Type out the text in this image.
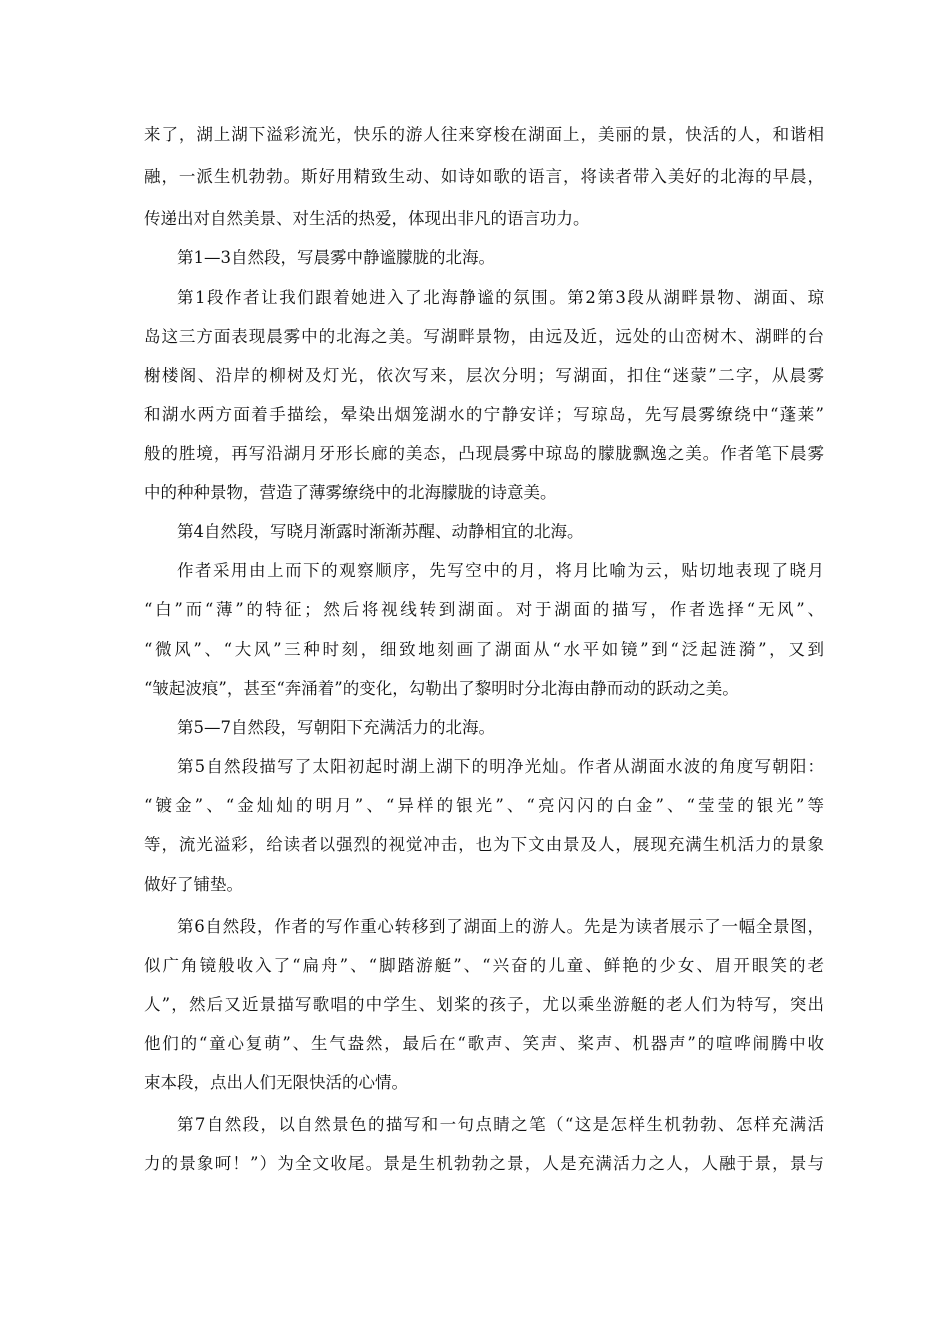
来了，湖上湖下溢彩流光，快乐的游人往来穿梭在湖面上，美丽的景，快活的人，和谐相
融，一派生机勃勃。斯好用精致生动、如诗如歌的语言，将读者带入美好的北海的早晨，
传递出对自然美景、对生活的热爱，体现出非凡的语言功力。
第1—3自然段，写晨雾中静谧朦胧的北海。
第1段作者让我们跟着她进入了北海静谧的氛围。第2第3段从湖畔景物、湖面、琼
岛这三方面表现晨雾中的北海之美。写湖畔景物，由远及近，远处的山峦树木、湖畔的台
榭楼阁、沿岸的柳树及灯光，依次写来，层次分明；写湖面，扣住“迷蒙”二字，从晨雾
和湖水两方面着手描绘，晕染出烟笼湖水的宁静安详；写琼岛，先写晨雾缭绕中“蓬莱”
般的胜境，再写沿湖月牙形长廊的美态，凸现晨雾中琼岛的朦胧飘逸之美。作者笔下晨雾
中的种种景物，营造了薄雾缭绕中的北海朦胧的诗意美。
第4自然段，写晓月渐露时渐渐苏醒、动静相宜的北海。
作者采用由上而下的观察顺序，先写空中的月，将月比喻为云，贴切地表现了晓月
“白”而“薄”的特征；然后将视线转到湖面。对于湖面的描写，作者选择“无风”、
“微风”、“大风”三种时刻，细致地刻画了湖面从“水平如镜”到“泛起涟漪”，又到
“皱起波痕”，甚至“奔涌着”的变化，勾勒出了黎明时分北海由静而动的跃动之美。
第5—7自然段，写朝阳下充满活力的北海。
第5自然段描写了太阳初起时湖上湖下的明净光灿。作者从湖面水波的角度写朝阳：
“镀金”、“金灿灿的明月”、“异样的银光”、“亮闪闪的白金”、“莹莹的银光”等
等，流光溢彩，给读者以强烈的视觉冲击，也为下文由景及人，展现充满生机活力的景象
做好了铺垫。
第6自然段，作者的写作重心转移到了湖面上的游人。先是为读者展示了一幅全景图，
似广角镜般收入了“扁舟”、“脚踏游艇”、“兴奋的儿童、鲜艳的少女、眉开眼笑的老
人”，然后又近景描写歌唱的中学生、划桨的孩子，尤以乘坐游艇的老人们为特写，突出
他们的“童心复萌”、生气盎然，最后在“歌声、笑声、桨声、机器声”的喧哗闹腾中收
束本段，点出人们无限快活的心情。
第7自然段，以自然景色的描写和一句点睛之笔（“这是怎样生机勃勃、怎样充满活
力的景象呵！”）为全文收尾。景是生机勃勃之景，人是充满活力之人，人融于景，景与
